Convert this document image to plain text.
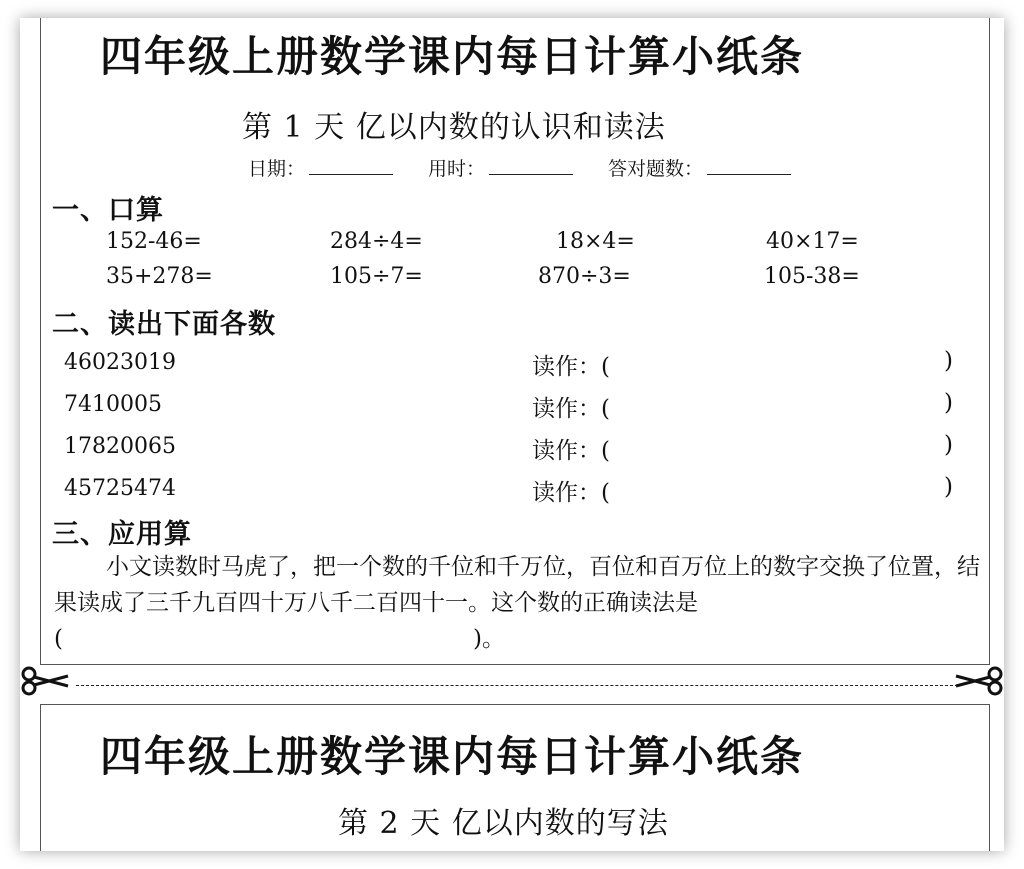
四年级上册数学课内每日计算小纸条
第 1 天 亿以内数的认识和读法
日期：	用时：	答对题数：
一、口算
152-46=	284÷4=	18×4=	40×17=
35+278=	105÷7=	870÷3=	105-38=
二、读出下面各数
46023019	读作：(	)
7410005	读作：(	)
17820065	读作：(	)
45725474	读作：(	)
三、应用算
小文读数时马虎了，把一个数的千位和千万位，百位和百万位上的数字交换了位置，结果读成了三千九百四十万八千二百四十一。这个数的正确读法是
(	)。
四年级上册数学课内每日计算小纸条
第 2 天 亿以内数的写法
